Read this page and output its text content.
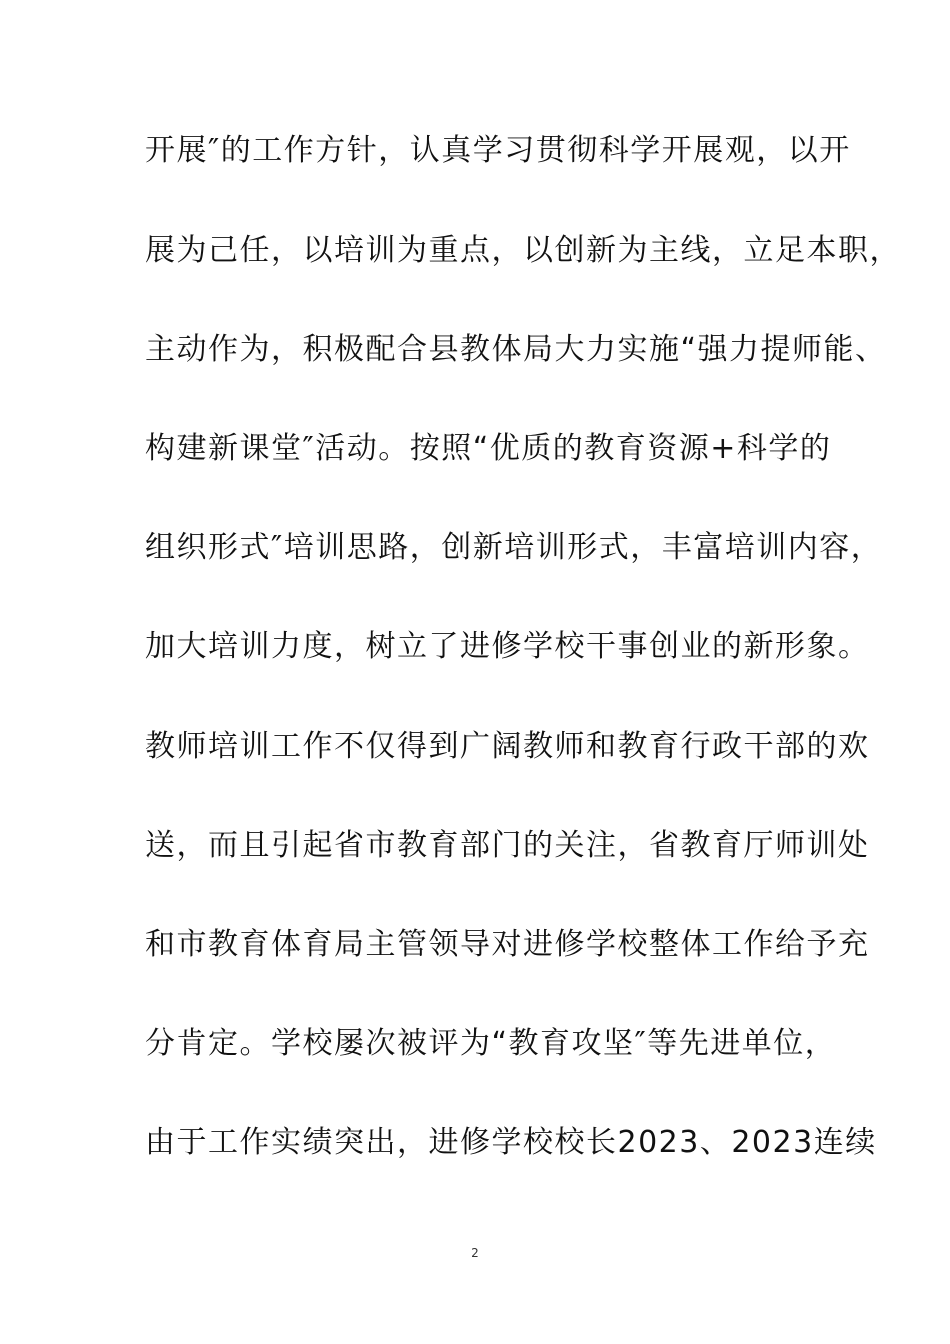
开展″的工作方针，认真学习贯彻科学开展观，以开
展为己任，以培训为重点，以创新为主线，立足本职，
主动作为，积极配合县教体局大力实施“强力提师能、
构建新课堂″活动。按照“优质的教育资源+科学的
组织形式″培训思路，创新培训形式，丰富培训内容，
加大培训力度，树立了进修学校干事创业的新形象。
教师培训工作不仅得到广阔教师和教育行政干部的欢
送，而且引起省市教育部门的关注，省教育厅师训处
和市教育体育局主管领导对进修学校整体工作给予充
分肯定。学校屡次被评为“教育攻坚″等先进单位，
由于工作实绩突出，进修学校校长2023、2023连续
2
